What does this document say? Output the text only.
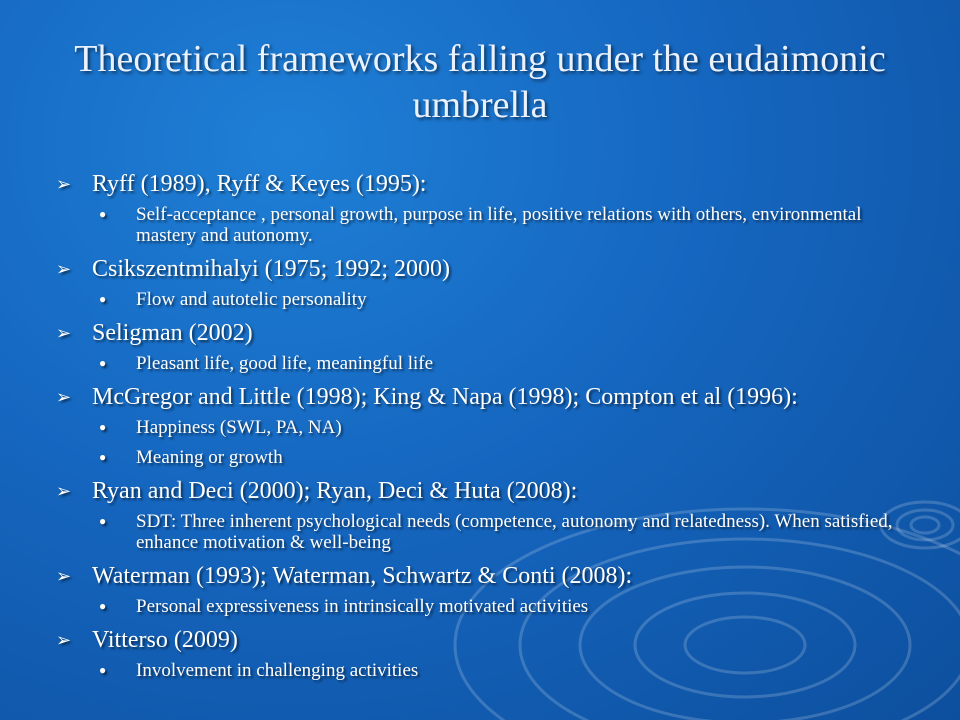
Theoretical frameworks falling under the eudaimonic umbrella
➢ Ryff (1989), Ryff & Keyes (1995):
●	Self-acceptance , personal growth, purpose in life, positive relations with others, environmental mastery and autonomy.
➢ Csikszentmihalyi (1975; 1992; 2000)
●	Flow and autotelic personality
➢ Seligman (2002)
●	Pleasant life, good life, meaningful life
➢ McGregor and Little (1998); King & Napa (1998); Compton et al (1996):
●	Happiness (SWL, PA, NA)
●	Meaning or growth
➢ Ryan and Deci (2000); Ryan, Deci & Huta (2008):
●	SDT: Three inherent psychological needs (competence, autonomy and relatedness). When satisfied, enhance motivation & well-being
➢ Waterman (1993); Waterman, Schwartz & Conti (2008):
●	Personal expressiveness in intrinsically motivated activities
➢ Vitterso (2009)
●	Involvement in challenging activities
